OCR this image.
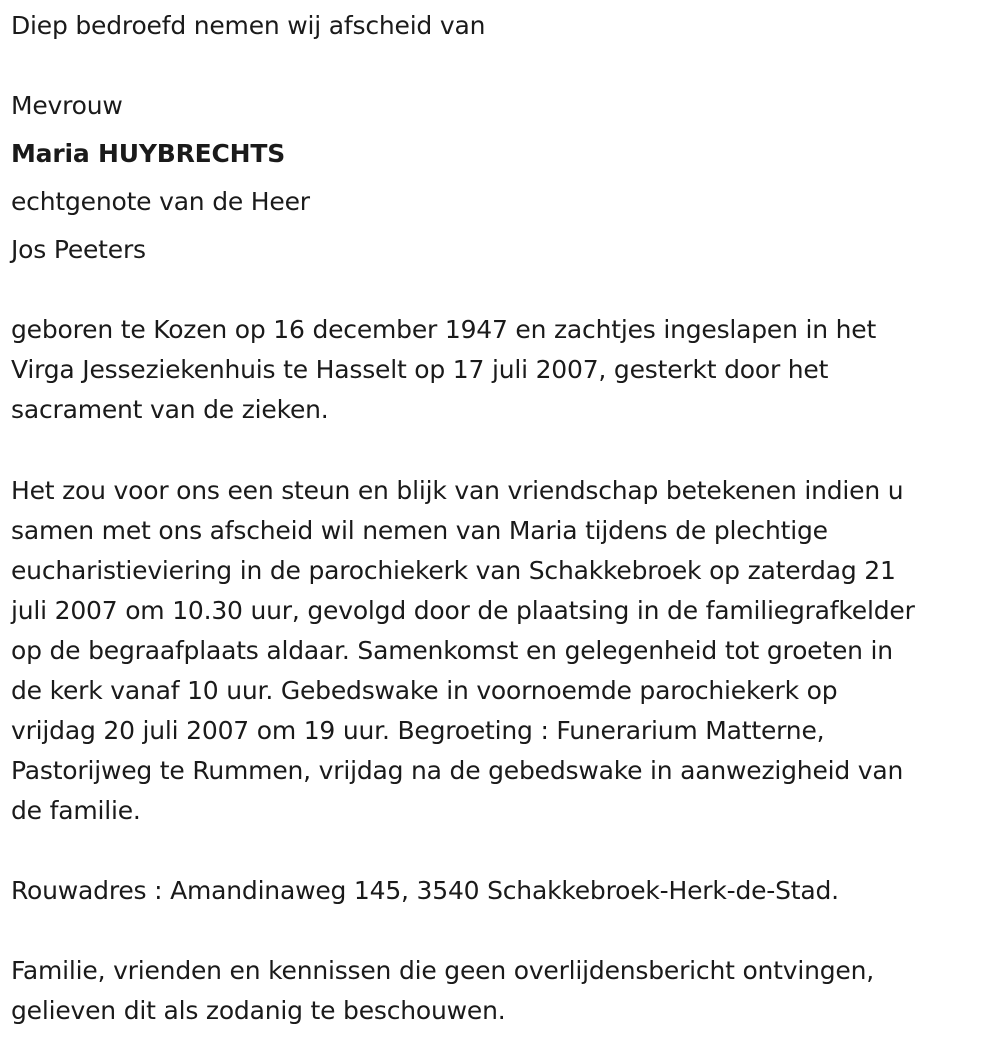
Diep bedroefd nemen wij afscheid van
Mevrouw
Maria HUYBRECHTS
echtgenote van de Heer
Jos Peeters
geboren te Kozen op 16 december 1947 en zachtjes ingeslapen in het
Virga Jesseziekenhuis te Hasselt op 17 juli 2007, gesterkt door het
sacrament van de zieken.
Het zou voor ons een steun en blijk van vriendschap betekenen indien u
samen met ons afscheid wil nemen van Maria tijdens de plechtige
eucharistieviering in de parochiekerk van Schakkebroek op zaterdag 21
juli 2007 om 10.30 uur, gevolgd door de plaatsing in de familiegrafkelder
op de begraafplaats aldaar. Samenkomst en gelegenheid tot groeten in
de kerk vanaf 10 uur. Gebedswake in voornoemde parochiekerk op
vrijdag 20 juli 2007 om 19 uur. Begroeting : Funerarium Matterne,
Pastorijweg te Rummen, vrijdag na de gebedswake in aanwezigheid van
de familie.
Rouwadres : Amandinaweg 145, 3540 Schakkebroek-Herk-de-Stad.
Familie, vrienden en kennissen die geen overlijdensbericht ontvingen,
gelieven dit als zodanig te beschouwen.
